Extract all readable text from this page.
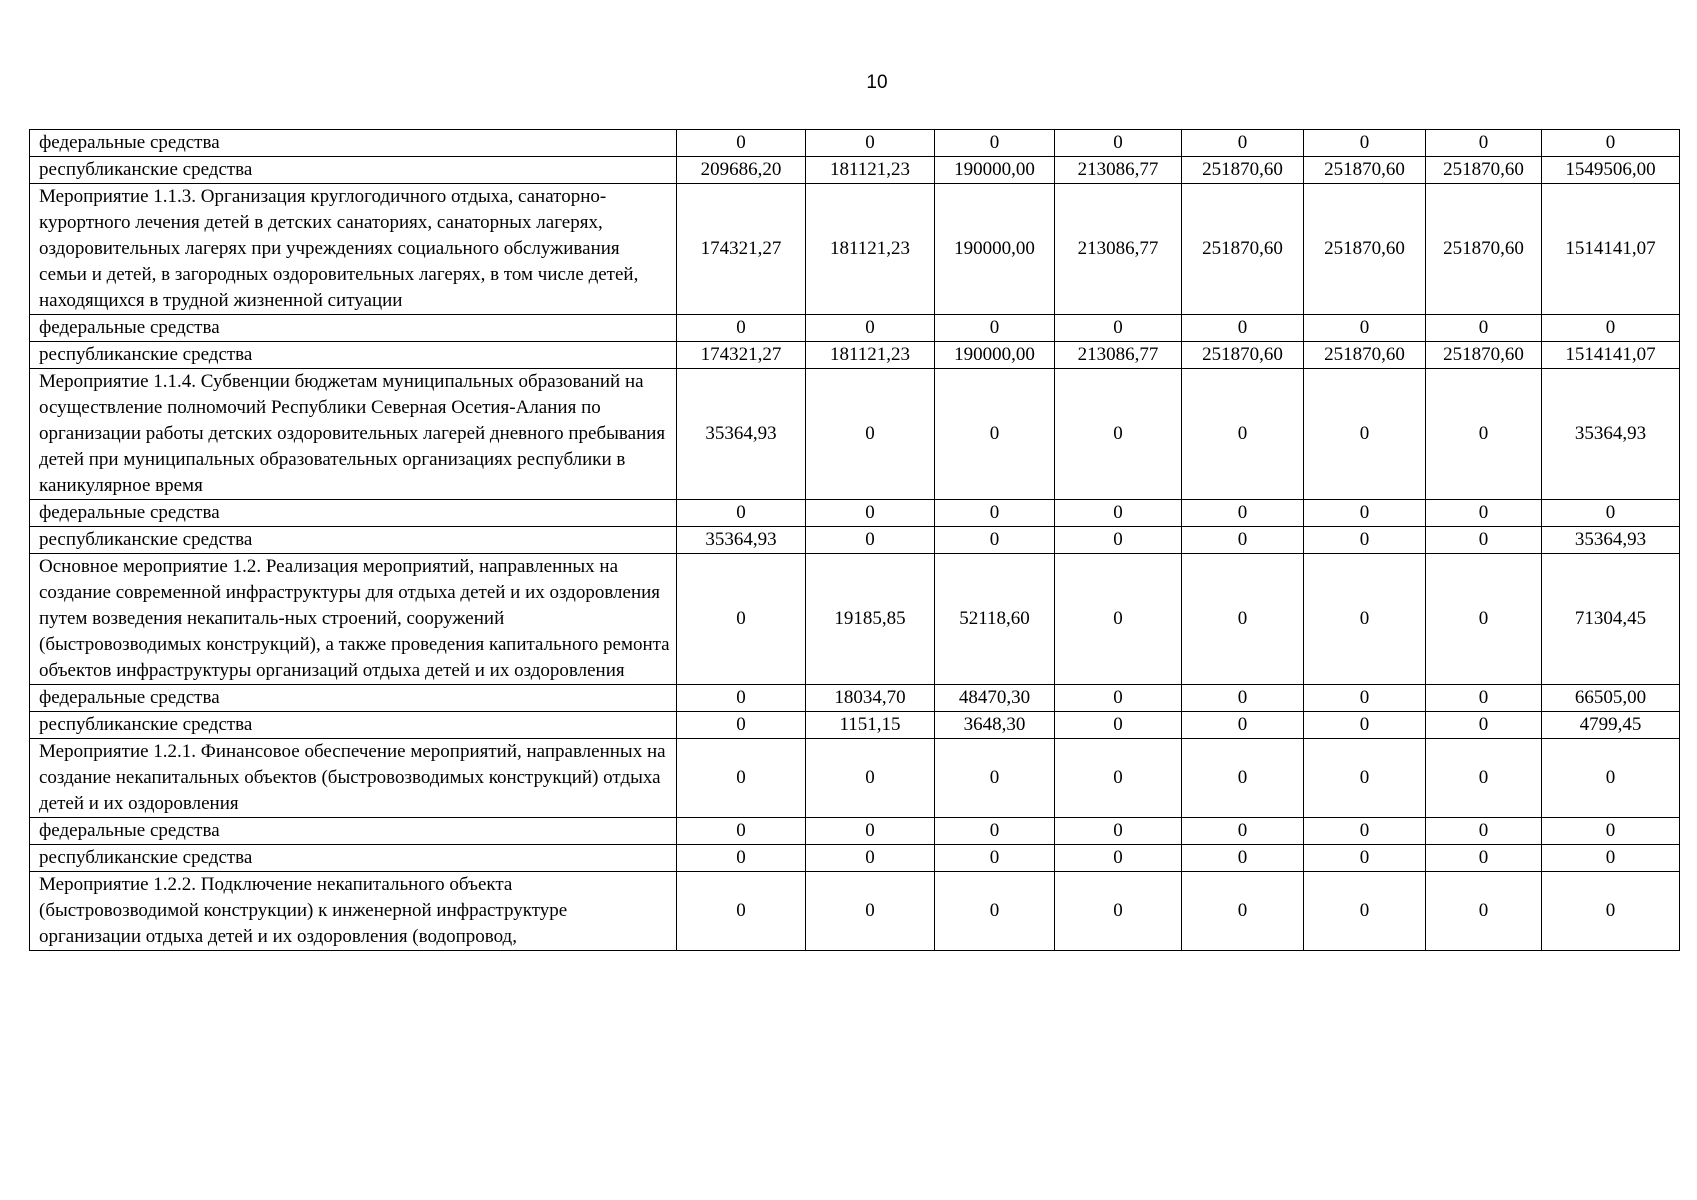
10
федеральные средства	0	0	0	0	0	0	0	0
республиканские средства	209686,20	181121,23	190000,00	213086,77	251870,60	251870,60	251870,60	1549506,00
Мероприятие 1.1.3. Организация круглогодичного отдыха, санаторно-курортного лечения детей в детских санаториях, санаторных лагерях, оздоровительных лагерях при учреждениях социального обслуживания семьи и детей, в загородных оздоровительных лагерях, в том числе детей, находящихся в трудной жизненной ситуации	174321,27	181121,23	190000,00	213086,77	251870,60	251870,60	251870,60	1514141,07
федеральные средства	0	0	0	0	0	0	0	0
республиканские средства	174321,27	181121,23	190000,00	213086,77	251870,60	251870,60	251870,60	1514141,07
Мероприятие 1.1.4. Субвенции бюджетам муниципальных образований на осуществление полномочий Республики Северная Осетия-Алания по организации работы детских оздоровительных лагерей дневного пребывания детей при муниципальных образовательных организациях республики в каникулярное время	35364,93	0	0	0	0	0	0	35364,93
федеральные средства	0	0	0	0	0	0	0	0
республиканские средства	35364,93	0	0	0	0	0	0	35364,93
Основное мероприятие 1.2. Реализация мероприятий, направленных на создание современной инфраструктуры для отдыха детей и их оздоровления путем возведения некапиталь-ных строений, сооружений (быстровозводимых конструкций), а также проведения капитального ремонта объектов инфраструктуры организаций отдыха детей и их оздоровления	0	19185,85	52118,60	0	0	0	0	71304,45
федеральные средства	0	18034,70	48470,30	0	0	0	0	66505,00
республиканские средства	0	1151,15	3648,30	0	0	0	0	4799,45
Мероприятие 1.2.1. Финансовое обеспечение мероприятий, направленных на создание некапитальных объектов (быстровозводимых конструкций) отдыха детей и их оздоровления	0	0	0	0	0	0	0	0
федеральные средства	0	0	0	0	0	0	0	0
республиканские средства	0	0	0	0	0	0	0	0
Мероприятие 1.2.2. Подключение некапитального объекта (быстровозводимой конструкции) к инженерной инфраструктуре организации отдыха детей и их оздоровления (водопровод,	0	0	0	0	0	0	0	0
